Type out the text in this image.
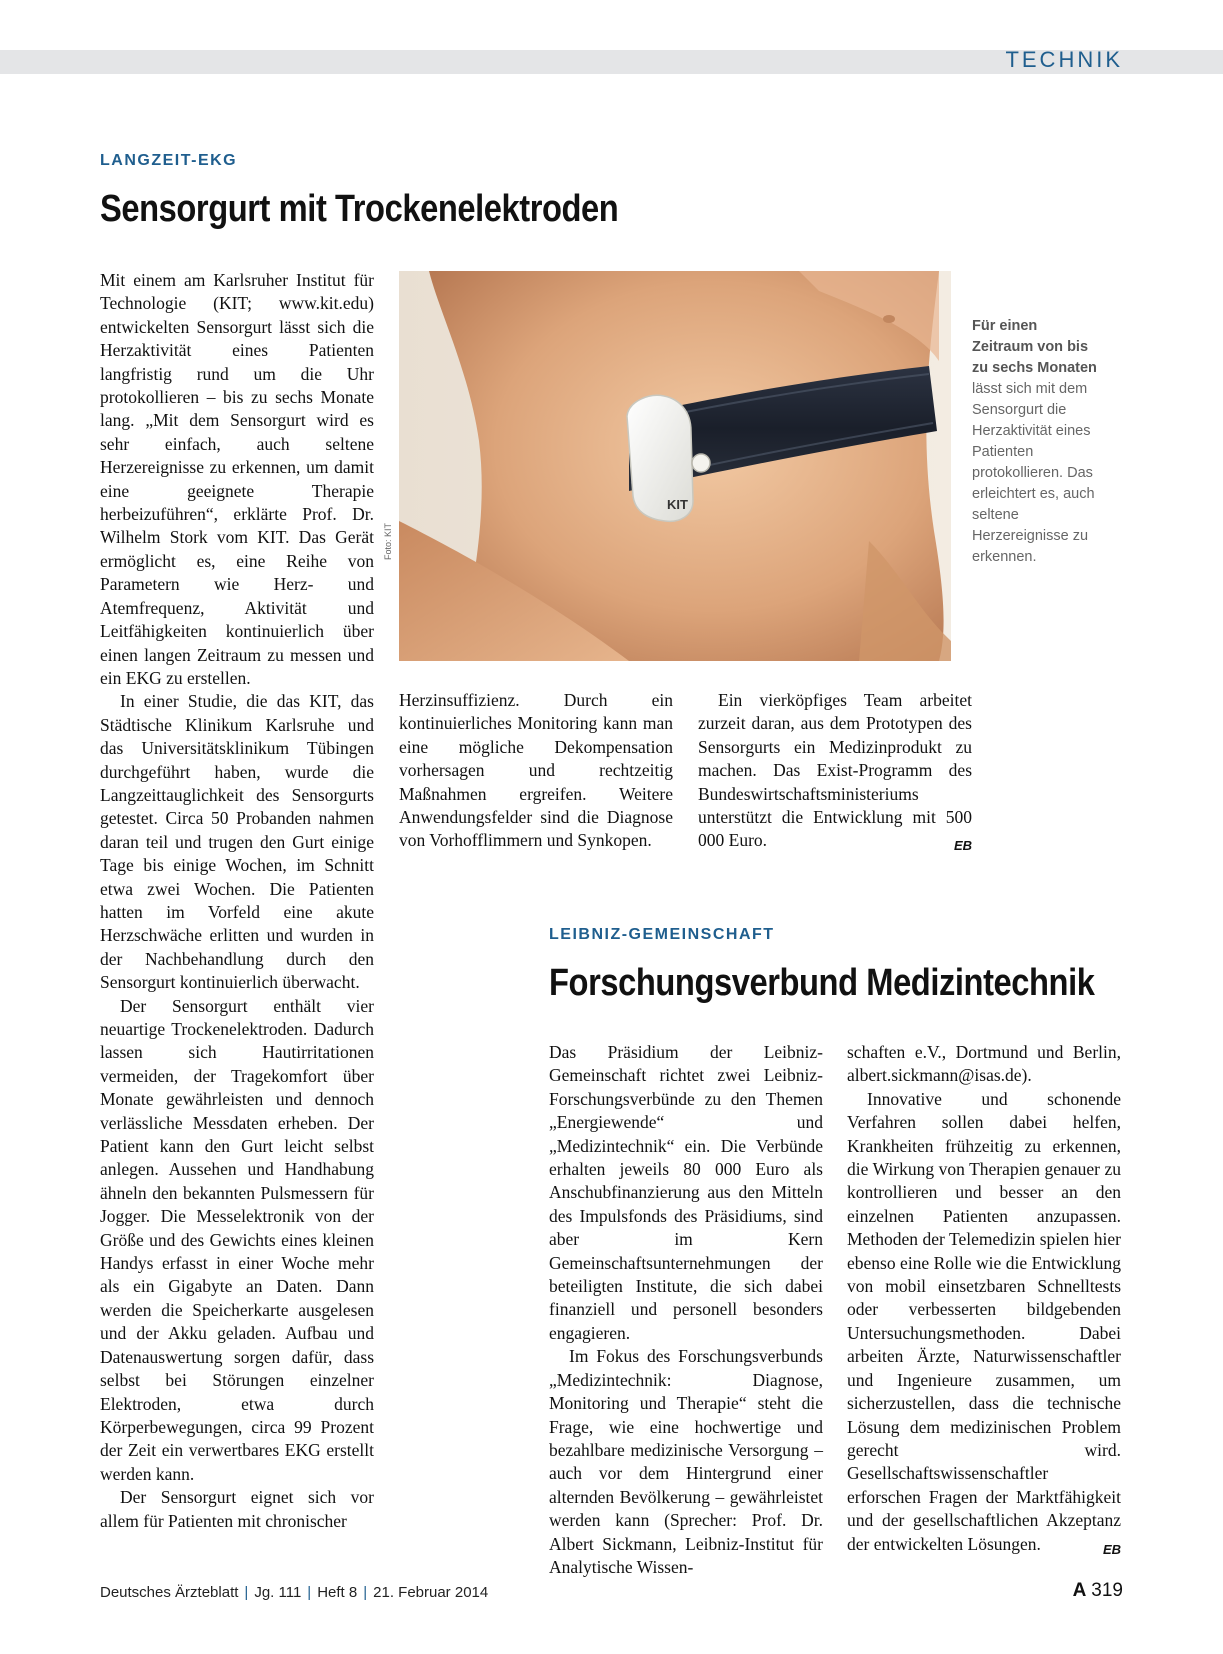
TECHNIK
LANGZEIT-EKG
Sensorgurt mit Trockenelektroden

Mit einem am Karlsruher Institut für Technologie (KIT; www.kit.edu) entwickelten Sensorgurt lässt sich die Herzaktivität eines Patienten langfristig rund um die Uhr protokollieren – bis zu sechs Monate lang. „Mit dem Sensorgurt wird es sehr einfach, auch seltene Herzereignisse zu erkennen, um damit eine geeignete Therapie herbeizuführen“, erklärte Prof. Dr. Wilhelm Stork vom KIT. Das Gerät ermöglicht es, eine Reihe von Parametern wie Herz- und Atemfrequenz, Aktivität und Leitfähigkeiten kontinuierlich über einen langen Zeitraum zu messen und ein EKG zu erstellen.

In einer Studie, die das KIT, das Städtische Klinikum Karlsruhe und das Universitätsklinikum Tübingen durchgeführt haben, wurde die Langzeittauglichkeit des Sensorgurts getestet. Circa 50 Probanden nahmen daran teil und trugen den Gurt einige Tage bis einige Wochen, im Schnitt etwa zwei Wochen. Die Patienten hatten im Vorfeld eine akute Herzschwäche erlitten und wurden in der Nachbehandlung durch den Sensorgurt kontinuierlich überwacht.

Der Sensorgurt enthält vier neuartige Trockenelektroden. Dadurch lassen sich Hautirritationen vermeiden, der Tragekomfort über Monate gewährleisten und dennoch verlässliche Messdaten erheben. Der Patient kann den Gurt leicht selbst anlegen. Aussehen und Handhabung ähneln den bekannten Pulsmessern für Jogger. Die Messelektronik von der Größe und des Gewichts eines kleinen Handys erfasst in einer Woche mehr als ein Gigabyte an Daten. Dann werden die Speicherkarte ausgelesen und der Akku geladen. Aufbau und Datenauswertung sorgen dafür, dass selbst bei Störungen einzelner Elektroden, etwa durch Körperbewegungen, circa 99 Prozent der Zeit ein verwertbares EKG erstellt werden kann.

Der Sensorgurt eignet sich vor allem für Patienten mit chronischer

Foto: KIT
KIT
Für einen Zeitraum von bis zu sechs Monaten lässt sich mit dem Sensorgurt die Herzaktivität eines Patienten protokollieren. Das erleichtert es, auch seltene Herzereignisse zu erkennen.

Herzinsuffizienz. Durch ein kontinuierliches Monitoring kann man eine mögliche Dekompensation vorhersagen und rechtzeitig Maßnahmen ergreifen. Weitere Anwendungsfelder sind die Diagnose von Vorhofflimmern und Synkopen.

Ein vierköpfiges Team arbeitet zurzeit daran, aus dem Prototypen des Sensorgurts ein Medizinprodukt zu machen. Das Exist-Programm des Bundeswirtschaftsministeriums unterstützt die Entwicklung mit 500 000 Euro.	EB

LEIBNIZ-GEMEINSCHAFT
Forschungsverbund Medizintechnik

Das Präsidium der Leibniz-Gemeinschaft richtet zwei Leibniz-Forschungsverbünde zu den Themen „Energiewende“ und „Medizintechnik“ ein. Die Verbünde erhalten jeweils 80 000 Euro als Anschubfinanzierung aus den Mitteln des Impulsfonds des Präsidiums, sind aber im Kern Gemeinschaftsunternehmungen der beteiligten Institute, die sich dabei finanziell und personell besonders engagieren.

Im Fokus des Forschungsverbunds „Medizintechnik: Diagnose, Monitoring und Therapie“ steht die Frage, wie eine hochwertige und bezahlbare medizinische Versorgung – auch vor dem Hintergrund einer alternden Bevölkerung – gewährleistet werden kann (Sprecher: Prof. Dr. Albert Sickmann, Leibniz-Institut für Analytische Wissen-

schaften e.V., Dortmund und Berlin, albert.sickmann@isas.de).

Innovative und schonende Verfahren sollen dabei helfen, Krankheiten frühzeitig zu erkennen, die Wirkung von Therapien genauer zu kontrollieren und besser an den einzelnen Patienten anzupassen. Methoden der Telemedizin spielen hier ebenso eine Rolle wie die Entwicklung von mobil einsetzbaren Schnelltests oder verbesserten bildgebenden Untersuchungsmethoden. Dabei arbeiten Ärzte, Naturwissenschaftler und Ingenieure zusammen, um sicherzustellen, dass die technische Lösung dem medizinischen Problem gerecht wird. Gesellschaftswissenschaftler erforschen Fragen der Marktfähigkeit und der gesellschaftlichen Akzeptanz der entwickelten Lösungen.	EB

Deutsches Ärzteblatt | Jg. 111 | Heft 8 | 21. Februar 2014	A 319
